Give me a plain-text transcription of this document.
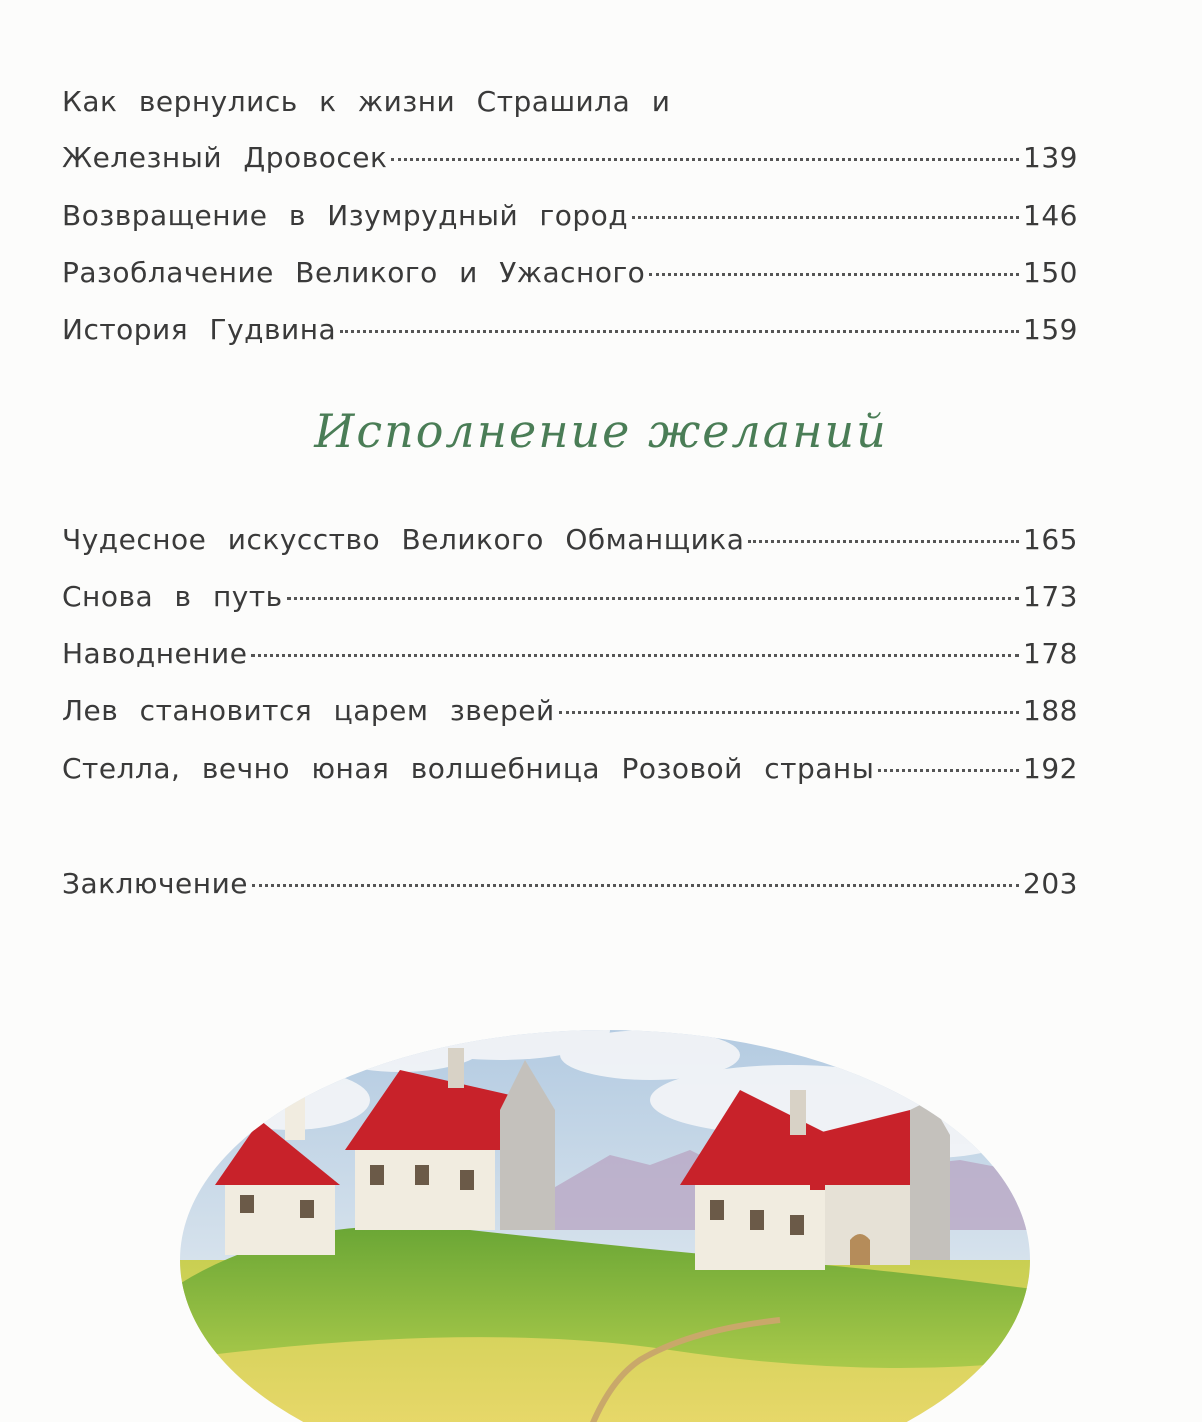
Как вернулись к жизни Страшила и
Железный Дровосек	139
Возвращение в Изумрудный город	146
Разоблачение Великого и Ужасного	150
История Гудвина	159
Чудесное искусство Великого Обманщика	165
Снова в путь	173
Наводнение	178
Лев становится царем зверей	188
Стелла, вечно юная волшебница Розовой страны	192
Заключение	203
Исполнение желаний
